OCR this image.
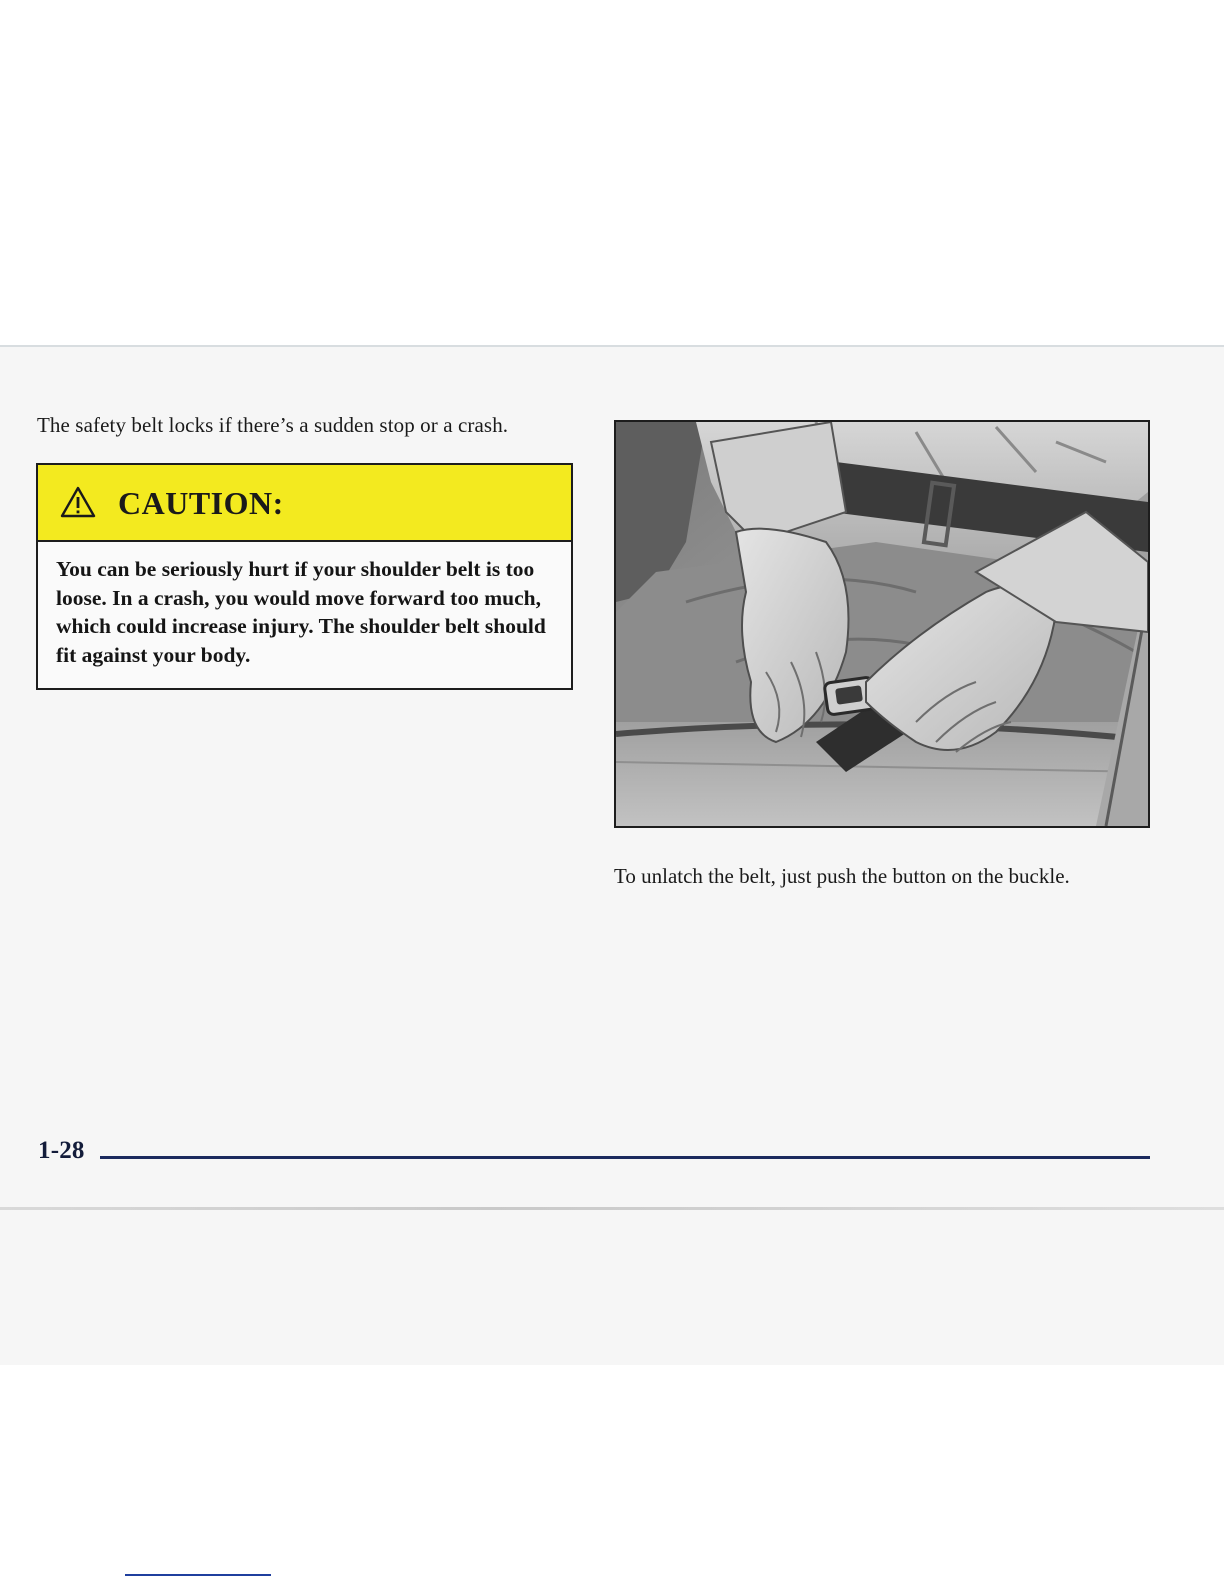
The safety belt locks if there’s a sudden stop or a crash.
CAUTION:
You can be seriously hurt if your shoulder belt is too loose. In a crash, you would move forward too much, which could increase injury. The shoulder belt should fit against your body.
To unlatch the belt, just push the button on the buckle.
1-28
